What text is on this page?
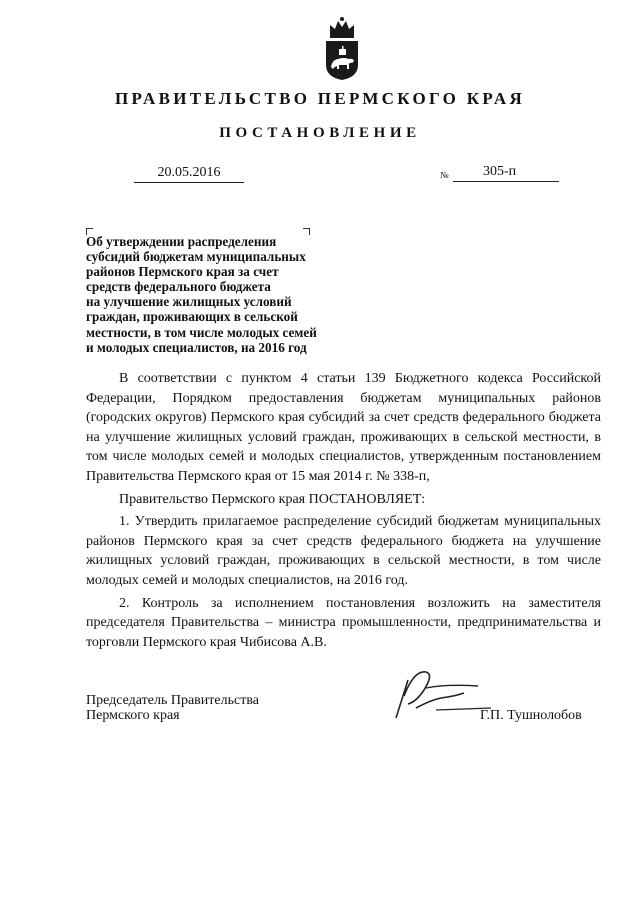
ПРАВИТЕЛЬСТВО ПЕРМСКОГО КРАЯ
ПОСТАНОВЛЕНИЕ
20.05.2016	№ 305-п
Об утверждении распределения
субсидий бюджетам муниципальных
районов Пермского края за счет
средств федерального бюджета
на улучшение жилищных условий
граждан, проживающих в сельской
местности, в том числе молодых семей
и молодых специалистов, на 2016 год

В соответствии с пунктом 4 статьи 139 Бюджетного кодекса Российской Федерации, Порядком предоставления бюджетам муниципальных районов (городских округов) Пермского края субсидий за счет средств федерального бюджета на улучшение жилищных условий граждан, проживающих в сельской местности, в том числе молодых семей и молодых специалистов, утвержденным постановлением Правительства Пермского края от 15 мая 2014 г. № 338-п,

Правительство Пермского края ПОСТАНОВЛЯЕТ:

1. Утвердить прилагаемое распределение субсидий бюджетам муниципальных районов Пермского края за счет средств федерального бюджета на улучшение жилищных условий граждан, проживающих в сельской местности, в том числе молодых семей и молодых специалистов, на 2016 год.

2. Контроль за исполнением постановления возложить на заместителя председателя Правительства – министра промышленности, предпринимательства и торговли Пермского края Чибисова А.В.

Председатель Правительства
Пермского края	Г.П. Тушнолобов
